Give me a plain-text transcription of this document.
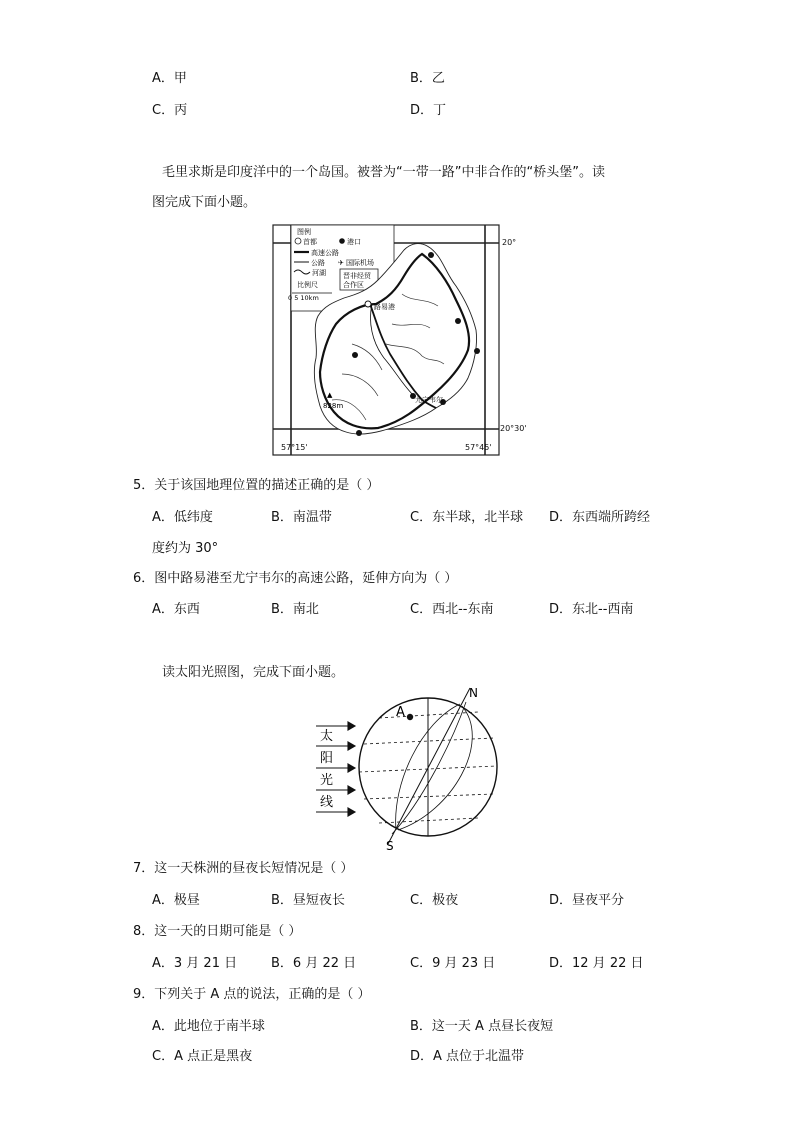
A．甲	B．乙
C．丙	D．丁
毛里求斯是印度洋中的一个岛国。被誉为“一带一路”中非合作的“桥头堡”。读
图完成下面小题。
图例
首都	港口
高速公路
公路 ✈ 国际机场
河湖 晋非经贸
合作区
比例尺
0 5 10km
路易港
尤宁韦尔
▲
828m
20°
20°30'
57°15'	57°45'
5．关于该国地理位置的描述正确的是（ ）
A．低纬度	B．南温带	C．东半球，北半球 D．东西端所跨经
度约为 30°
6．图中路易港至尤宁韦尔的高速公路，延伸方向为（ ）
A．东西	B．南北	C．西北--东南	D．东北--西南
读太阳光照图，完成下面小题。
太
阳
光
线
A
N
S
7．这一天株洲的昼夜长短情况是（ ）
A．极昼	B．昼短夜长	C．极夜	D．昼夜平分
8．这一天的日期可能是（ ）
A．3 月 21 日	B．6 月 22 日	C．9 月 23 日	D．12 月 22 日
9．下列关于 A 点的说法，正确的是（ ）
A．此地位于南半球	B．这一天 A 点昼长夜短
C．A 点正是黑夜	D．A 点位于北温带
